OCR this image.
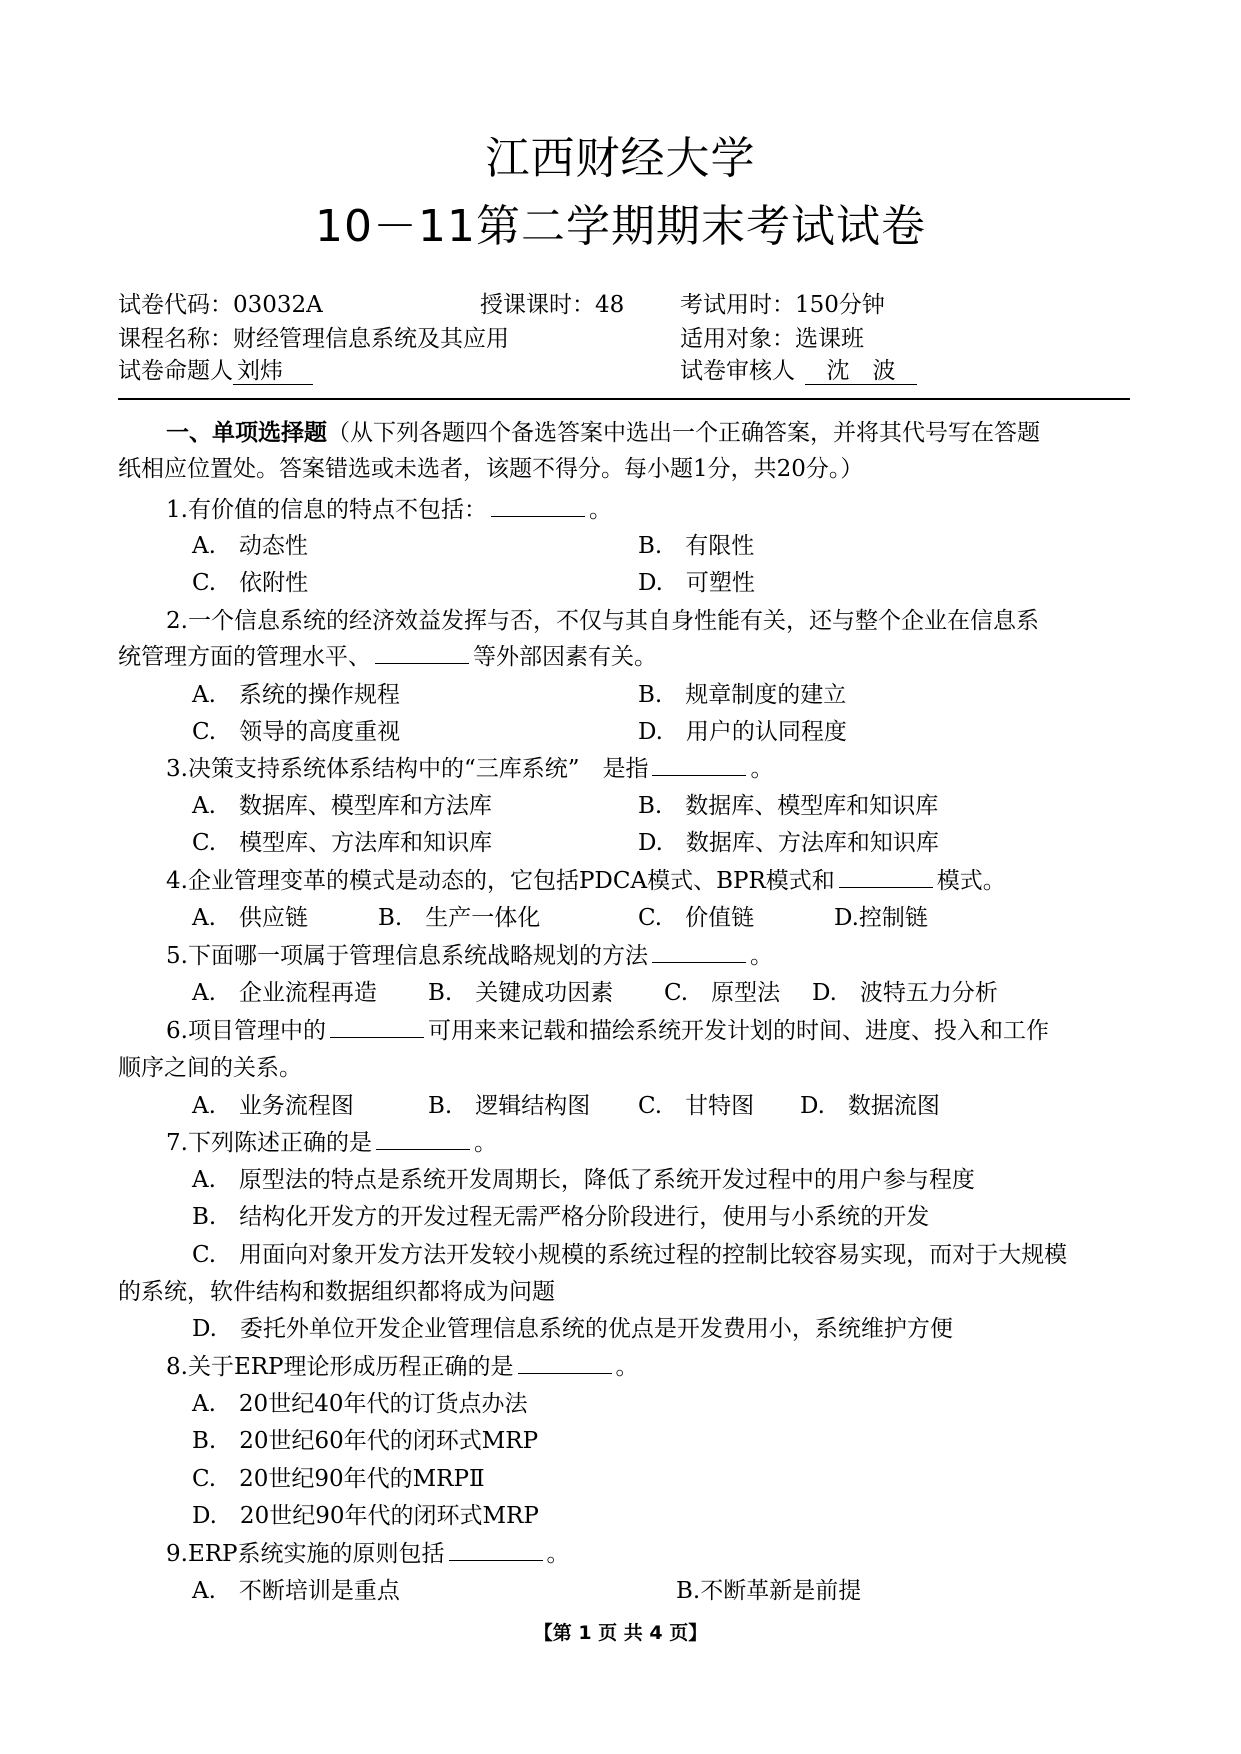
江西财经大学
10－11第二学期期末考试试卷
试卷代码：03032A	授课课时：48 考试用时：150分钟
课程名称：财经管理信息系统及其应用	适用对象：选课班
试卷命题人 刘炜	试卷审核人 沈　波
一、单项选择题（从下列各题四个备选答案中选出一个正确答案，并将其代号写在答题
纸相应位置处。答案错选或未选者，该题不得分。每小题1分，共20分。）
1.有价值的信息的特点不包括：	。
A.　动态性	B.　有限性
C.　依附性	D.　可塑性
2.一个信息系统的经济效益发挥与否，不仅与其自身性能有关，还与整个企业在信息系
统管理方面的管理水平、	等外部因素有关。
A.　系统的操作规程	B.　规章制度的建立
C.　领导的高度重视	D.　用户的认同程度
3.决策支持系统体系结构中的“三库系统”　是指	。
A.　数据库、模型库和方法库	B.　数据库、模型库和知识库
C.　模型库、方法库和知识库	D.　数据库、方法库和知识库
4.企业管理变革的模式是动态的，它包括PDCA模式、BPR模式和	模式。
A.　供应链	B.　生产一体化	C.　价值链	D.控制链
5.下面哪一项属于管理信息系统战略规划的方法	。
A.　企业流程再造 B.　关键成功因素 C.　原型法 D.　波特五力分析
6.项目管理中的	可用来来记载和描绘系统开发计划的时间、进度、投入和工作
顺序之间的关系。
A.　业务流程图	B.　逻辑结构图 C.　甘特图 D.　数据流图
7.下列陈述正确的是	。
A.　原型法的特点是系统开发周期长，降低了系统开发过程中的用户参与程度
B.　结构化开发方的开发过程无需严格分阶段进行，使用与小系统的开发
C.　用面向对象开发方法开发较小规模的系统过程的控制比较容易实现，而对于大规模
的系统，软件结构和数据组织都将成为问题
D.　委托外单位开发企业管理信息系统的优点是开发费用小，系统维护方便
8.关于ERP理论形成历程正确的是	。
A.　20世纪40年代的订货点办法
B.　20世纪60年代的闭环式MRP
C.　20世纪90年代的MRPⅡ
D.　20世纪90年代的闭环式MRP
9.ERP系统实施的原则包括	。
A.　不断培训是重点	B.不断革新是前提
【第 1 页 共 4 页】
